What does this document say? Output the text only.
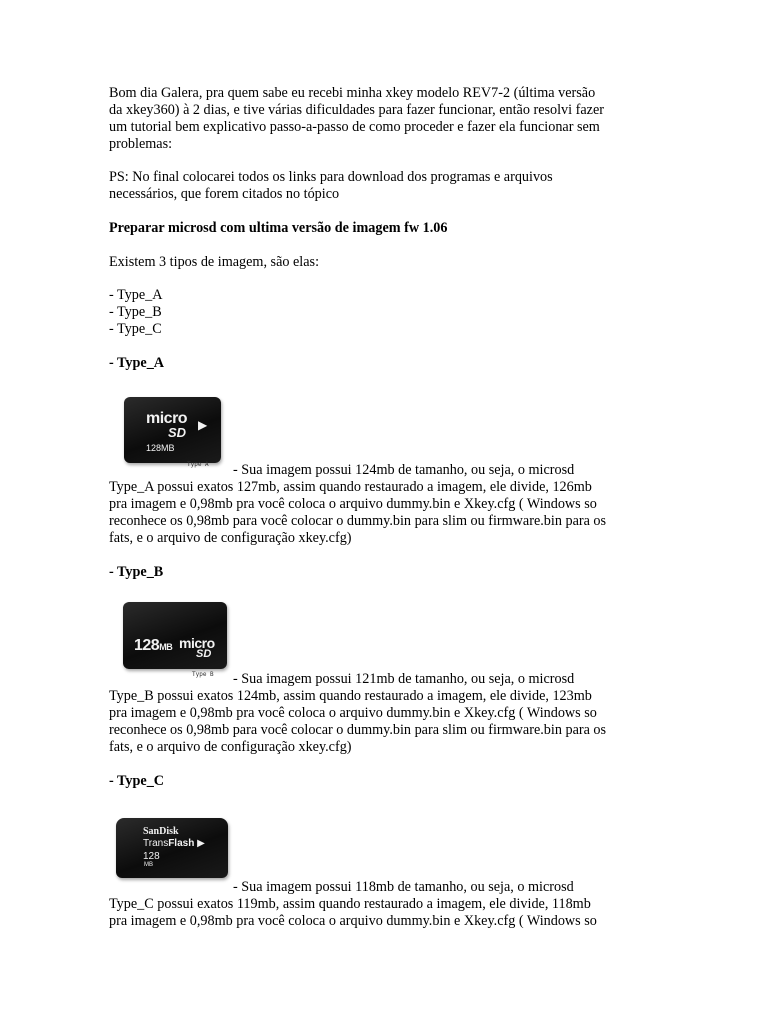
Bom dia Galera, pra quem sabe eu recebi minha xkey modelo REV7-2 (última versão

da xkey360) à 2 dias, e tive várias dificuldades para fazer funcionar, então resolvi fazer

um tutorial bem explicativo passo-a-passo de como proceder e fazer ela funcionar sem

problemas:

PS: No final colocarei todos os links para download dos programas e arquivos

necessários, que forem citados no tópico

Preparar microsd com ultima versão de imagem fw 1.06

Existem 3 tipos de imagem, são elas:

- Type_A

- Type_B

- Type_C

- Type_A

micro
SD ▶
128MB
Type A - Sua imagem possui 124mb de tamanho, ou seja, o microsd

Type_A possui exatos 127mb, assim quando restaurado a imagem, ele divide, 126mb

pra imagem e 0,98mb pra você coloca o arquivo dummy.bin e Xkey.cfg ( Windows so

reconhece os 0,98mb para você colocar o dummy.bin para slim ou firmware.bin para os

fats, e o arquivo de configuração xkey.cfg)

- Type_B

128MB micro
SD
Type B - Sua imagem possui 121mb de tamanho, ou seja, o microsd

Type_B possui exatos 124mb, assim quando restaurado a imagem, ele divide, 123mb

pra imagem e 0,98mb pra você coloca o arquivo dummy.bin e Xkey.cfg ( Windows so

reconhece os 0,98mb para você colocar o dummy.bin para slim ou firmware.bin para os

fats, e o arquivo de configuração xkey.cfg)

- Type_C

SanDisk
TransFlash ▶
128
MB

- Sua imagem possui 118mb de tamanho, ou seja, o microsd

Type_C possui exatos 119mb, assim quando restaurado a imagem, ele divide, 118mb

pra imagem e 0,98mb pra você coloca o arquivo dummy.bin e Xkey.cfg ( Windows so
